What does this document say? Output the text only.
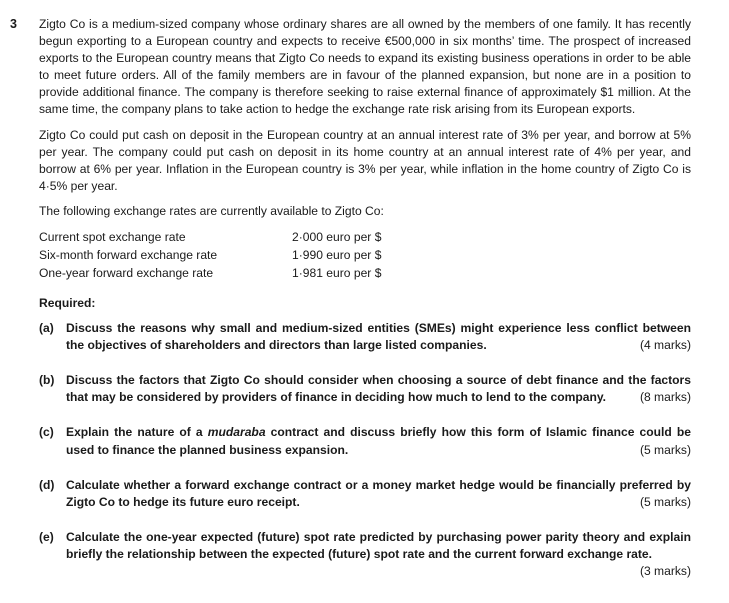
3 Zigto Co is a medium-sized company whose ordinary shares are all owned by the members of one family. It has recently begun exporting to a European country and expects to receive €500,000 in six months’ time. The prospect of increased exports to the European country means that Zigto Co needs to expand its existing business operations in order to be able to meet future orders. All of the family members are in favour of the planned expansion, but none are in a position to provide additional finance. The company is therefore seeking to raise external finance of approximately $1 million. At the same time, the company plans to take action to hedge the exchange rate risk arising from its European exports.

Zigto Co could put cash on deposit in the European country at an annual interest rate of 3% per year, and borrow at 5% per year. The company could put cash on deposit in its home country at an annual interest rate of 4% per year, and borrow at 6% per year. Inflation in the European country is 3% per year, while inflation in the home country of Zigto Co is 4·5% per year.

The following exchange rates are currently available to Zigto Co:

Current spot exchange rate	2·000 euro per $
Six-month forward exchange rate	1·990 euro per $
One-year forward exchange rate	1·981 euro per $
Required:
(a) Discuss the reasons why small and medium-sized entities (SMEs) might experience less conflict between the objectives of shareholders and directors than large listed companies.	(4 marks)
(b) Discuss the factors that Zigto Co should consider when choosing a source of debt finance and the factors that may be considered by providers of finance in deciding how much to lend to the company.	(8 marks)
(c) Explain the nature of a mudaraba contract and discuss briefly how this form of Islamic finance could be used to finance the planned business expansion.	(5 marks)
(d) Calculate whether a forward exchange contract or a money market hedge would be financially preferred by Zigto Co to hedge its future euro receipt.	(5 marks)
(e) Calculate the one-year expected (future) spot rate predicted by purchasing power parity theory and explain briefly the relationship between the expected (future) spot rate and the current forward exchange rate.
(3 marks)
